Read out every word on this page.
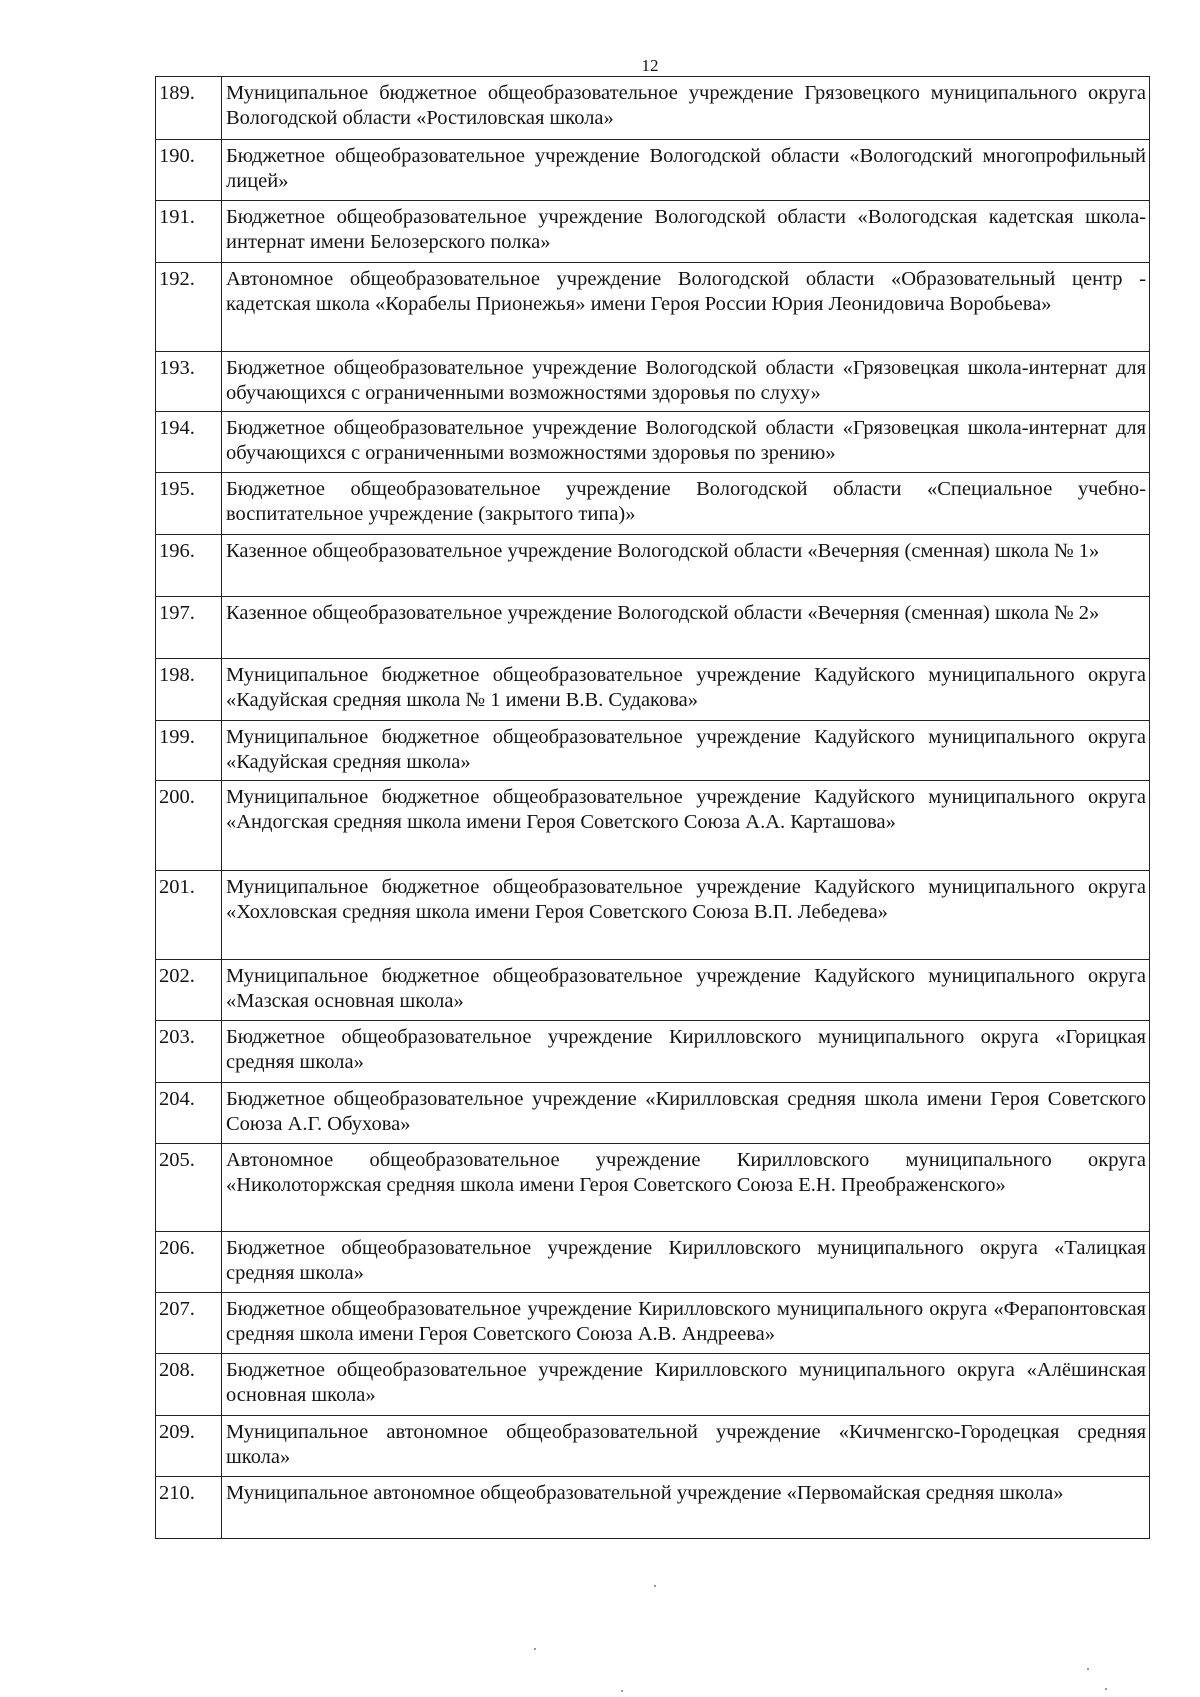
12
189.	Муниципальное бюджетное общеобразовательное учреждение Грязовецкого муниципального округа Вологодской области «Ростиловская школа»
190.	Бюджетное общеобразовательное учреждение Вологодской области «Вологодский многопрофильный лицей»
191.	Бюджетное общеобразовательное учреждение Вологодской области «Вологодская кадетская школа-интернат имени Белозерского полка»
192.	Автономное общеобразовательное учреждение Вологодской области «Образовательный центр - кадетская школа «Корабелы Прионежья» имени Героя России Юрия Леонидовича Воробьева»
193.	Бюджетное общеобразовательное учреждение Вологодской области «Грязовецкая школа-интернат для обучающихся с ограниченными возможностями здоровья по слуху»
194.	Бюджетное общеобразовательное учреждение Вологодской области «Грязовецкая школа-интернат для обучающихся с ограниченными возможностями здоровья по зрению»
195.	Бюджетное общеобразовательное учреждение Вологодской области «Специальное учебно-воспитательное учреждение (закрытого типа)»
196.	Казенное общеобразовательное учреждение Вологодской области «Вечерняя (сменная) школа № 1»
197.	Казенное общеобразовательное учреждение Вологодской области «Вечерняя (сменная) школа № 2»
198.	Муниципальное бюджетное общеобразовательное учреждение Кадуйского муниципального округа «Кадуйская средняя школа № 1 имени В.В. Судакова»
199.	Муниципальное бюджетное общеобразовательное учреждение Кадуйского муниципального округа «Кадуйская средняя школа»
200.	Муниципальное бюджетное общеобразовательное учреждение Кадуйского муниципального округа «Андогская средняя школа имени Героя Советского Союза А.А. Карташова»
201.	Муниципальное бюджетное общеобразовательное учреждение Кадуйского муниципального округа «Хохловская средняя школа имени Героя Советского Союза В.П. Лебедева»
202.	Муниципальное бюджетное общеобразовательное учреждение Кадуйского муниципального округа «Мазская основная школа»
203.	Бюджетное общеобразовательное учреждение Кирилловского муниципального округа «Горицкая средняя школа»
204.	Бюджетное общеобразовательное учреждение «Кирилловская средняя школа имени Героя Советского Союза А.Г. Обухова»
205.	Автономное общеобразовательное учреждение Кирилловского муниципального округа «Николоторжская средняя школа имени Героя Советского Союза Е.Н. Преображенского»
206.	Бюджетное общеобразовательное учреждение Кирилловского муниципального округа «Талицкая средняя школа»
207.	Бюджетное общеобразовательное учреждение Кирилловского муниципального округа «Ферапонтовская средняя школа имени Героя Советского Союза А.В. Андреева»
208.	Бюджетное общеобразовательное учреждение Кирилловского муниципального округа «Алёшинская основная школа»
209.	Муниципальное автономное общеобразовательной учреждение «Кичменгско-Городецкая средняя школа»
210.	Муниципальное автономное общеобразовательной учреждение «Первомайская средняя школа»
